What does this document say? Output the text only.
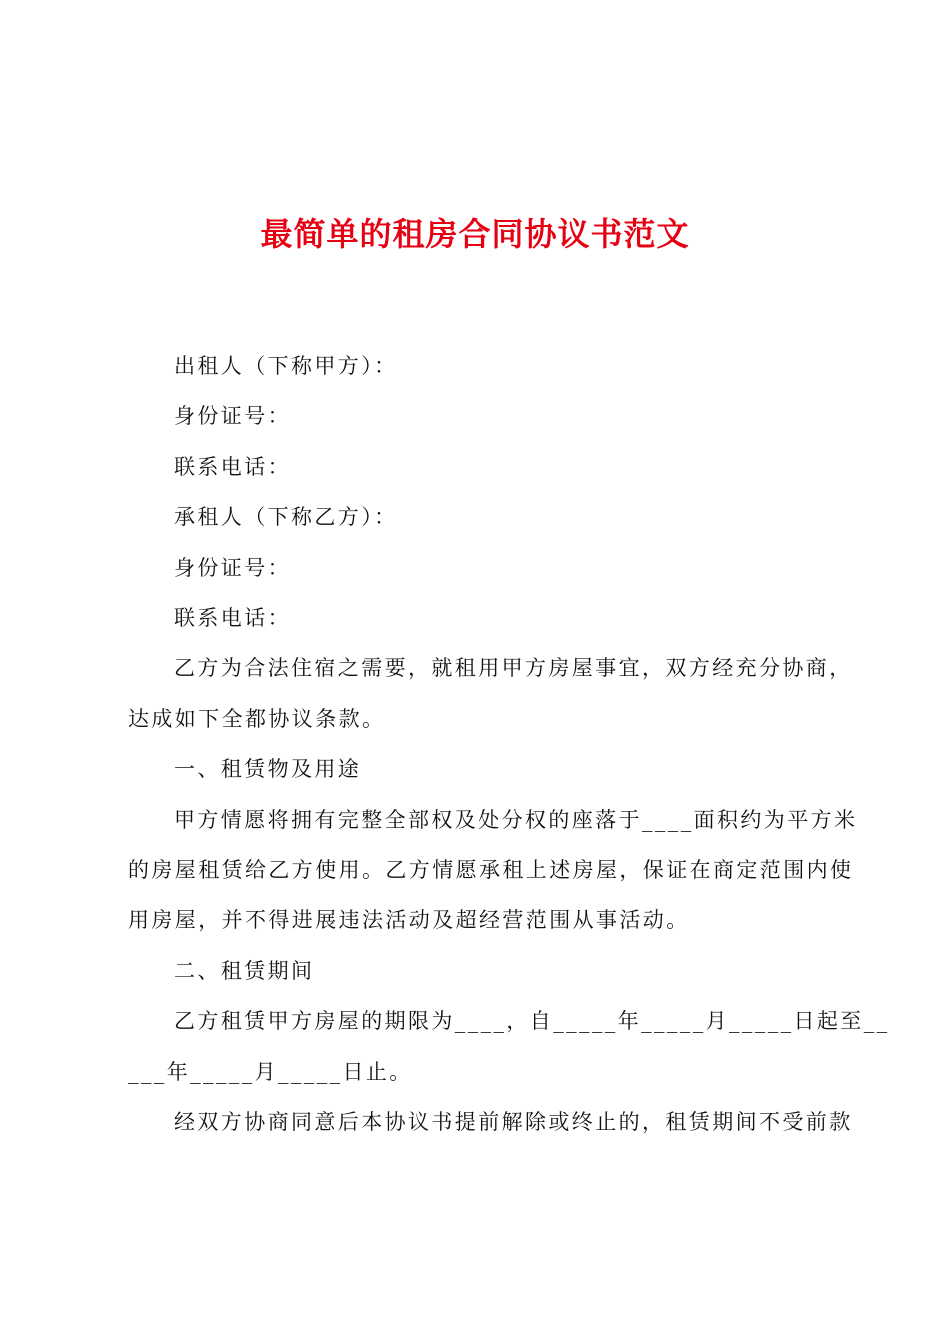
最简单的租房合同协议书范文
出租人（下称甲方）：
身份证号：
联系电话：
承租人（下称乙方）：
身份证号：
联系电话：
乙方为合法住宿之需要，就租用甲方房屋事宜，双方经充分协商，
达成如下全都协议条款。
一、租赁物及用途
甲方情愿将拥有完整全部权及处分权的座落于____面积约为平方米
的房屋租赁给乙方使用。乙方情愿承租上述房屋，保证在商定范围内使
用房屋，并不得进展违法活动及超经营范围从事活动。
二、租赁期间
乙方租赁甲方房屋的期限为____，自_____年_____月_____日起至__
___年_____月_____日止。
经双方协商同意后本协议书提前解除或终止的，租赁期间不受前款
